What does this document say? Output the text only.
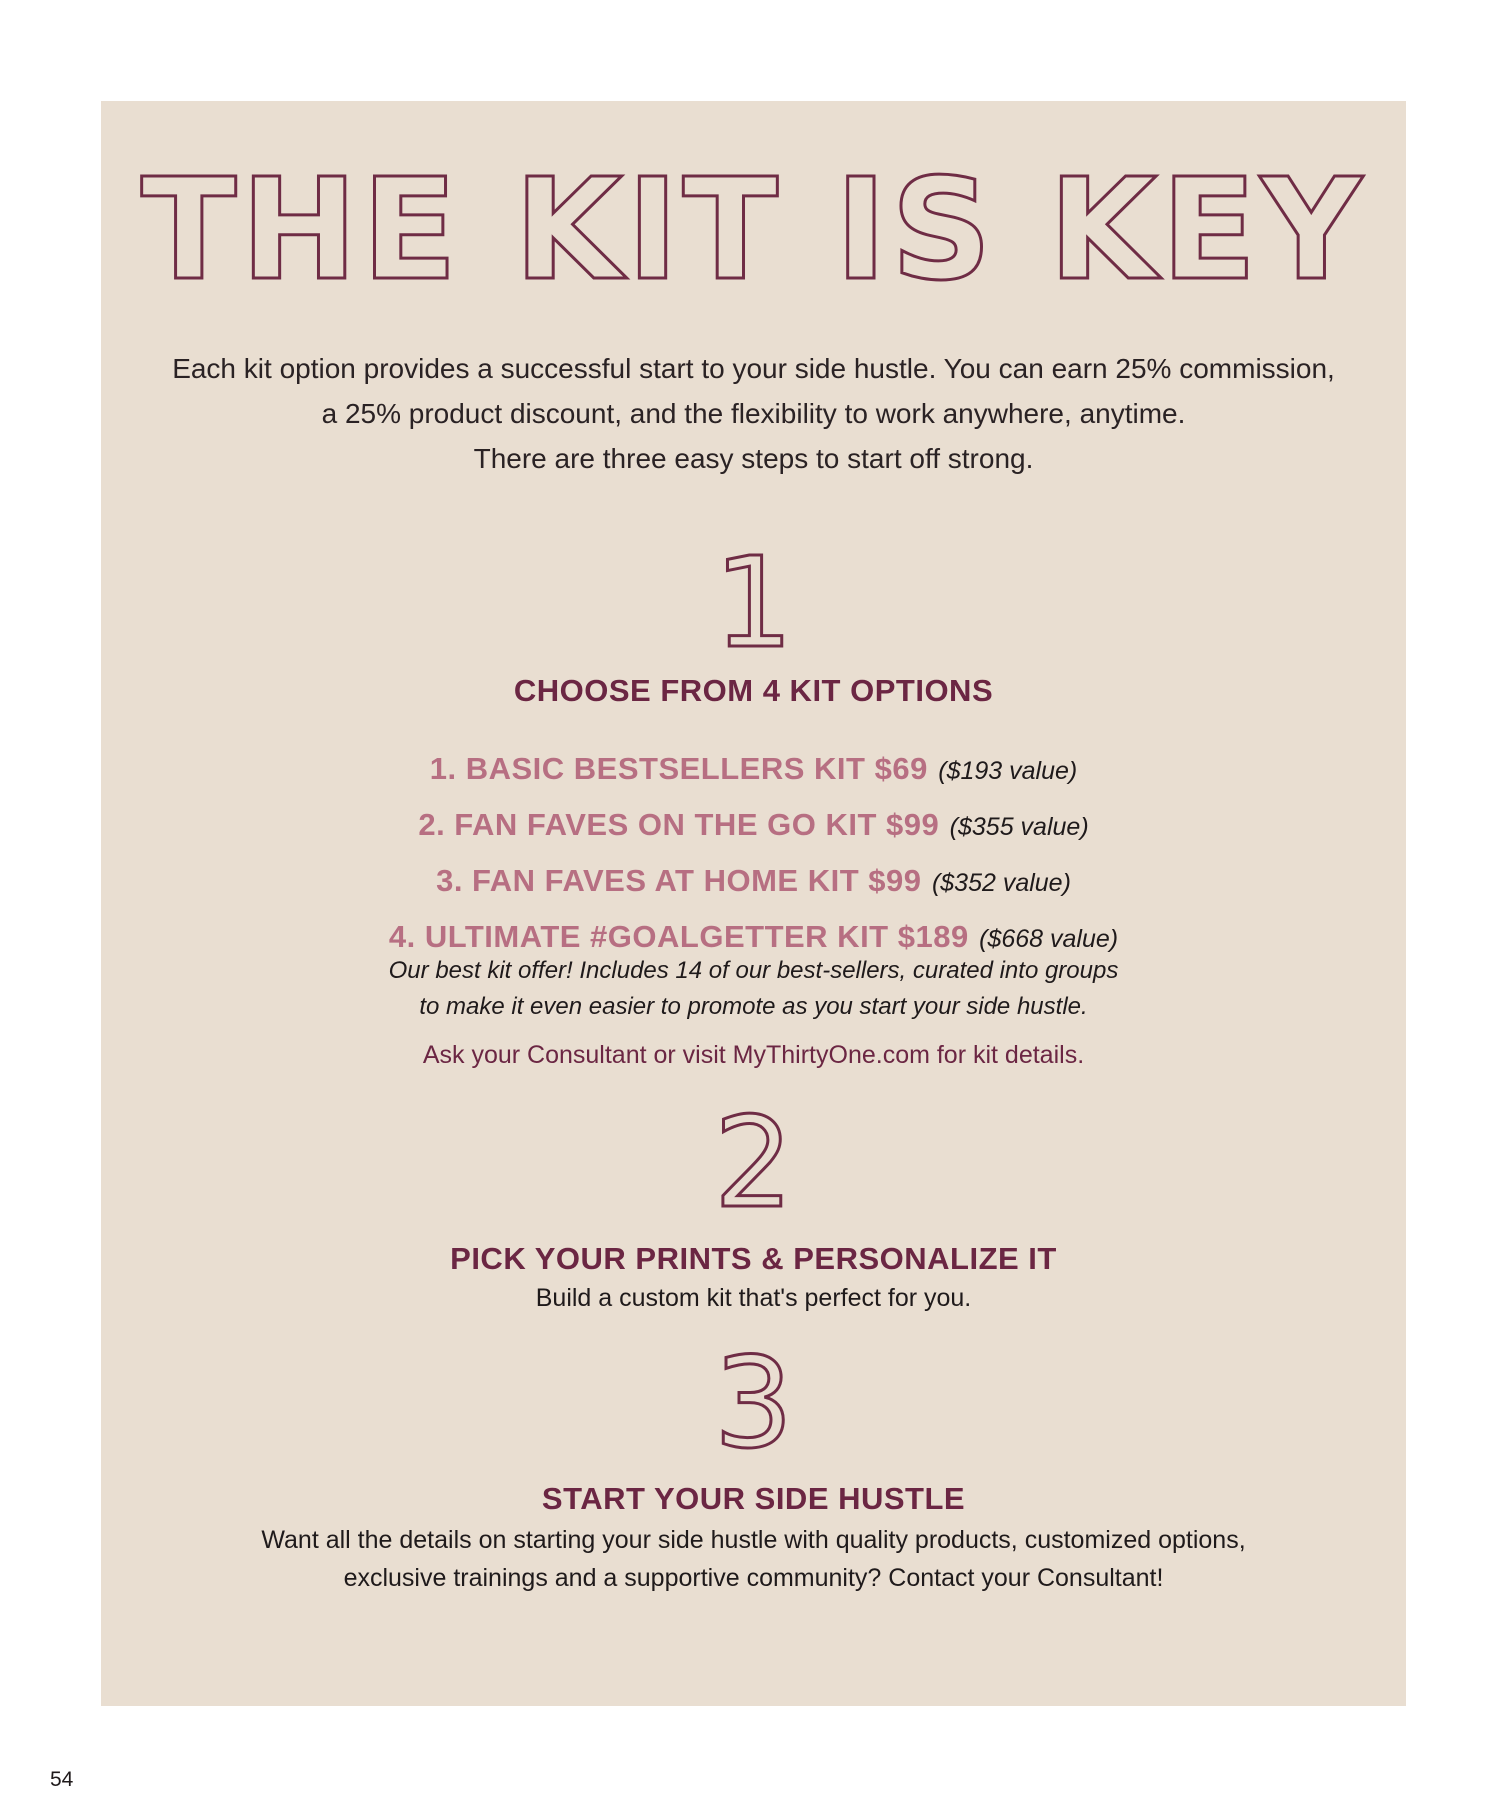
THE KIT IS KEY
Each kit option provides a successful start to your side hustle. You can earn 25% commission,
a 25% product discount, and the flexibility to work anywhere, anytime.
There are three easy steps to start off strong.
1
CHOOSE FROM 4 KIT OPTIONS
1. BASIC BESTSELLERS KIT $69 ($193 value)
2. FAN FAVES ON THE GO KIT $99 ($355 value)
3. FAN FAVES AT HOME KIT $99 ($352 value)
4. ULTIMATE #GOALGETTER KIT $189 ($668 value)
Our best kit offer! Includes 14 of our best-sellers, curated into groups
to make it even easier to promote as you start your side hustle.
Ask your Consultant or visit MyThirtyOne.com for kit details.
2
PICK YOUR PRINTS & PERSONALIZE IT
Build a custom kit that's perfect for you.
3
START YOUR SIDE HUSTLE
Want all the details on starting your side hustle with quality products, customized options,
exclusive trainings and a supportive community? Contact your Consultant!
54
